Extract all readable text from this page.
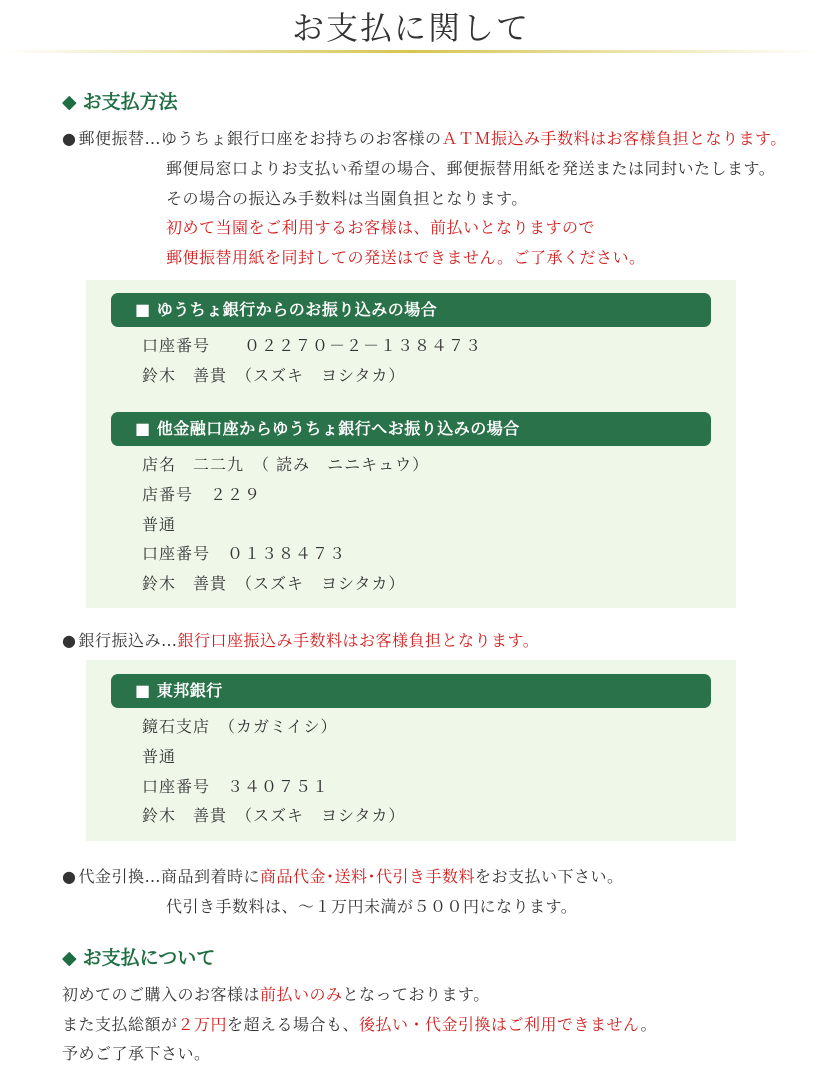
お支払に関して
◆ お支払方法
● 郵便振替…ゆうちょ銀行口座をお持ちのお客様のＡＴＭ振込み手数料はお客様負担となります。
郵便局窓口よりお支払い希望の場合、郵便振替用紙を発送または同封いたします。
その場合の振込み手数料は当園負担となります。
初めて当園をご利用するお客様は、前払いとなりますので
郵便振替用紙を同封しての発送はできません。ご了承ください。
■ ゆうちょ銀行からのお振り込みの場合
口座番号　　０２２７０－２－１３８４７３
鈴木　善貴　（スズキ　ヨシタカ）
■ 他金融口座からゆうちょ銀行へお振り込みの場合
店名　二二九　（ 読み　ニニキュウ）
店番号　２２９
普通
口座番号　０１３８４７３
鈴木　善貴　（スズキ　ヨシタカ）
● 銀行振込み…銀行口座振込み手数料はお客様負担となります。
■ 東邦銀行
鏡石支店　（カガミイシ）
普通
口座番号　３４０７５１
鈴木　善貴　（スズキ　ヨシタカ）
● 代金引換…商品到着時に商品代金･送料･代引き手数料をお支払い下さい。
代引き手数料は、～１万円未満が５００円になります。
◆ お支払について
初めてのご購入のお客様は前払いのみとなっております。
また支払総額が２万円を超える場合も、後払い・代金引換はご利用できません。
予めご了承下さい。
